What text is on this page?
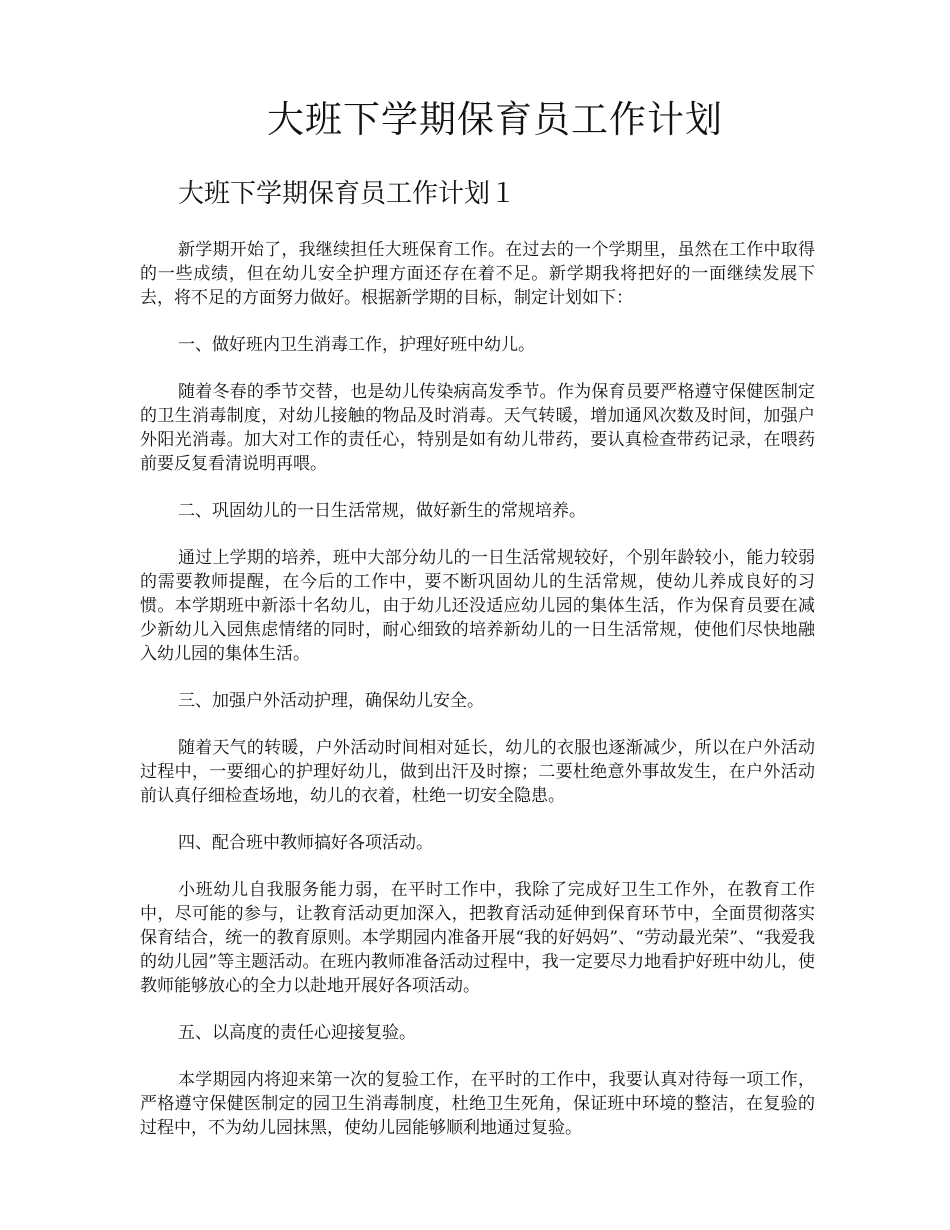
大班下学期保育员工作计划
大班下学期保育员工作计划１

新学期开始了，我继续担任大班保育工作。在过去的一个学期里，虽然在工作中取得的一些成绩，但在幼儿安全护理方面还存在着不足。新学期我将把好的一面继续发展下去，将不足的方面努力做好。根据新学期的目标，制定计划如下：

一、做好班内卫生消毒工作，护理好班中幼儿。

随着冬春的季节交替，也是幼儿传染病高发季节。作为保育员要严格遵守保健医制定的卫生消毒制度，对幼儿接触的物品及时消毒。天气转暖，增加通风次数及时间，加强户外阳光消毒。加大对工作的责任心，特别是如有幼儿带药，要认真检查带药记录，在喂药前要反复看清说明再喂。

二、巩固幼儿的一日生活常规，做好新生的常规培养。

通过上学期的培养，班中大部分幼儿的一日生活常规较好，个别年龄较小，能力较弱的需要教师提醒，在今后的工作中，要不断巩固幼儿的生活常规，使幼儿养成良好的习惯。本学期班中新添十名幼儿，由于幼儿还没适应幼儿园的集体生活，作为保育员要在减少新幼儿入园焦虑情绪的同时，耐心细致的培养新幼儿的一日生活常规，使他们尽快地融入幼儿园的集体生活。

三、加强户外活动护理，确保幼儿安全。

随着天气的转暖，户外活动时间相对延长，幼儿的衣服也逐渐减少，所以在户外活动过程中，一要细心的护理好幼儿，做到出汗及时擦；二要杜绝意外事故发生，在户外活动前认真仔细检查场地，幼儿的衣着，杜绝一切安全隐患。

四、配合班中教师搞好各项活动。

小班幼儿自我服务能力弱，在平时工作中，我除了完成好卫生工作外，在教育工作中，尽可能的参与，让教育活动更加深入，把教育活动延伸到保育环节中，全面贯彻落实保育结合，统一的教育原则。本学期园内准备开展“我的好妈妈”、“劳动最光荣”、“我爱我的幼儿园”等主题活动。在班内教师准备活动过程中，我一定要尽力地看护好班中幼儿，使教师能够放心的全力以赴地开展好各项活动。

五、以高度的责任心迎接复验。

本学期园内将迎来第一次的复验工作，在平时的工作中，我要认真对待每一项工作，严格遵守保健医制定的园卫生消毒制度，杜绝卫生死角，保证班中环境的整洁，在复验的过程中，不为幼儿园抹黑，使幼儿园能够顺利地通过复验。
